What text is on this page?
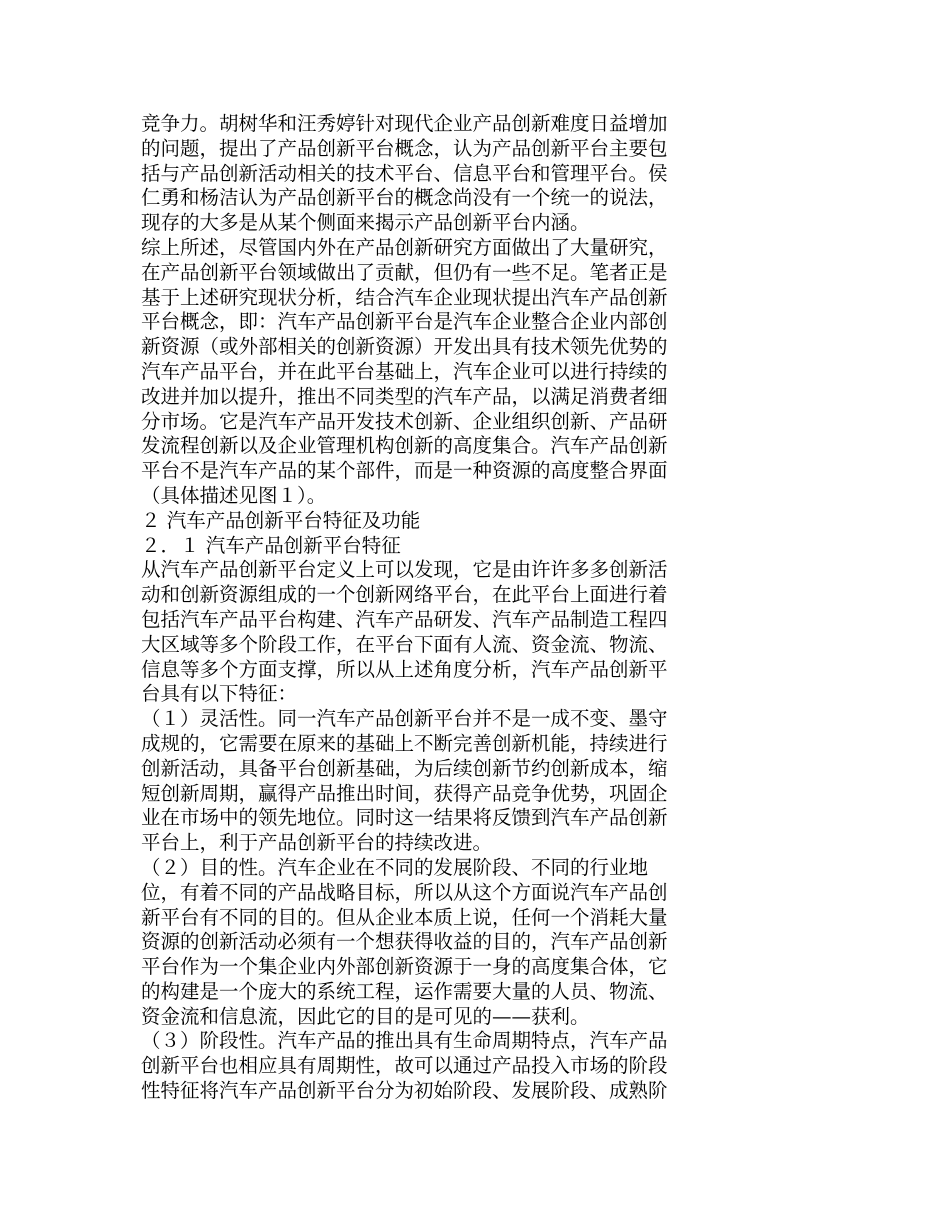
竞争力。胡树华和汪秀婷针对现代企业产品创新难度日益增加
的问题，提出了产品创新平台概念，认为产品创新平台主要包
括与产品创新活动相关的技术平台、信息平台和管理平台。侯
仁勇和杨洁认为产品创新平台的概念尚没有一个统一的说法，
现存的大多是从某个侧面来揭示产品创新平台内涵。
综上所述，尽管国内外在产品创新研究方面做出了大量研究，
在产品创新平台领域做出了贡献，但仍有一些不足。笔者正是
基于上述研究现状分析，结合汽车企业现状提出汽车产品创新
平台概念，即：汽车产品创新平台是汽车企业整合企业内部创
新资源（或外部相关的创新资源）开发出具有技术领先优势的
汽车产品平台，并在此平台基础上，汽车企业可以进行持续的
改进并加以提升，推出不同类型的汽车产品，以满足消费者细
分市场。它是汽车产品开发技术创新、企业组织创新、产品研
发流程创新以及企业管理机构创新的高度集合。汽车产品创新
平台不是汽车产品的某个部件，而是一种资源的高度整合界面
（具体描述见图１）。
２ 汽车产品创新平台特征及功能
２．１ 汽车产品创新平台特征
从汽车产品创新平台定义上可以发现，它是由许许多多创新活
动和创新资源组成的一个创新网络平台，在此平台上面进行着
包括汽车产品平台构建、汽车产品研发、汽车产品制造工程四
大区域等多个阶段工作，在平台下面有人流、资金流、物流、
信息等多个方面支撑，所以从上述角度分析，汽车产品创新平
台具有以下特征：
（１）灵活性。同一汽车产品创新平台并不是一成不变、墨守
成规的，它需要在原来的基础上不断完善创新机能，持续进行
创新活动，具备平台创新基础，为后续创新节约创新成本，缩
短创新周期，赢得产品推出时间，获得产品竞争优势，巩固企
业在市场中的领先地位。同时这一结果将反馈到汽车产品创新
平台上，利于产品创新平台的持续改进。
（２）目的性。汽车企业在不同的发展阶段、不同的行业地
位，有着不同的产品战略目标，所以从这个方面说汽车产品创
新平台有不同的目的。但从企业本质上说，任何一个消耗大量
资源的创新活动必须有一个想获得收益的目的，汽车产品创新
平台作为一个集企业内外部创新资源于一身的高度集合体，它
的构建是一个庞大的系统工程，运作需要大量的人员、物流、
资金流和信息流，因此它的目的是可见的——获利。
（３）阶段性。汽车产品的推出具有生命周期特点，汽车产品
创新平台也相应具有周期性，故可以通过产品投入市场的阶段
性特征将汽车产品创新平台分为初始阶段、发展阶段、成熟阶
